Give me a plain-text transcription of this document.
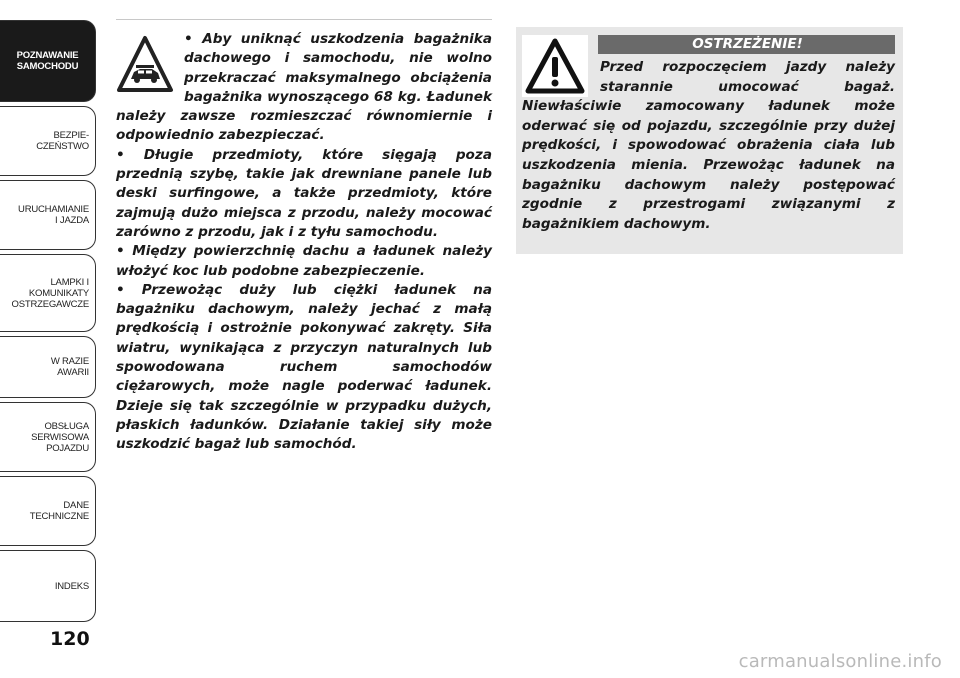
POZNAWANIE
SAMOCHODU
BEZPIE-
CZEŃSTWO
URUCHAMIANIE
I JAZDA
LAMPKI I
KOMUNIKATY
OSTRZEGAWCZE
W RAZIE
AWARII
OBSŁUGA
SERWISOWA
POJAZDU
DANE
TECHNICZNE
INDEKS
120

• Aby uniknąć uszkodzenia bagażnika dachowego i samochodu, nie wolno przekraczać maksymalnego obciążenia bagażnika wynoszącego 68 kg. Ładunek należy zawsze rozmieszczać równomiernie i odpowiednio zabezpieczać.

• Długie przedmioty, które sięgają poza przednią szybę, takie jak drewniane panele lub deski surfingowe, a także przedmioty, które zajmują dużo miejsca z przodu, należy mocować zarówno z przodu, jak i z tyłu samochodu.

• Między powierzchnię dachu a ładunek należy włożyć koc lub podobne zabezpieczenie.

• Przewożąc duży lub ciężki ładunek na bagażniku dachowym, należy jechać z małą prędkością i ostrożnie pokonywać zakręty. Siła wiatru, wynikająca z przyczyn naturalnych lub spowodowana ruchem samochodów ciężarowych, może nagle poderwać ładunek. Dzieje się tak szczególnie w przypadku dużych, płaskich ładunków. Działanie takiej siły może uszkodzić bagaż lub samochód.

OSTRZEŻENIE!

Przed rozpoczęciem jazdy należy starannie umocować bagaż. Niewłaściwie zamocowany ładunek może oderwać się od pojazdu, szczególnie przy dużej prędkości, i spowodować obrażenia ciała lub uszkodzenia mienia. Przewożąc ładunek na bagażniku dachowym należy postępować zgodnie z przestrogami związanymi z bagażnikiem dachowym.

carmanualsonline.info
